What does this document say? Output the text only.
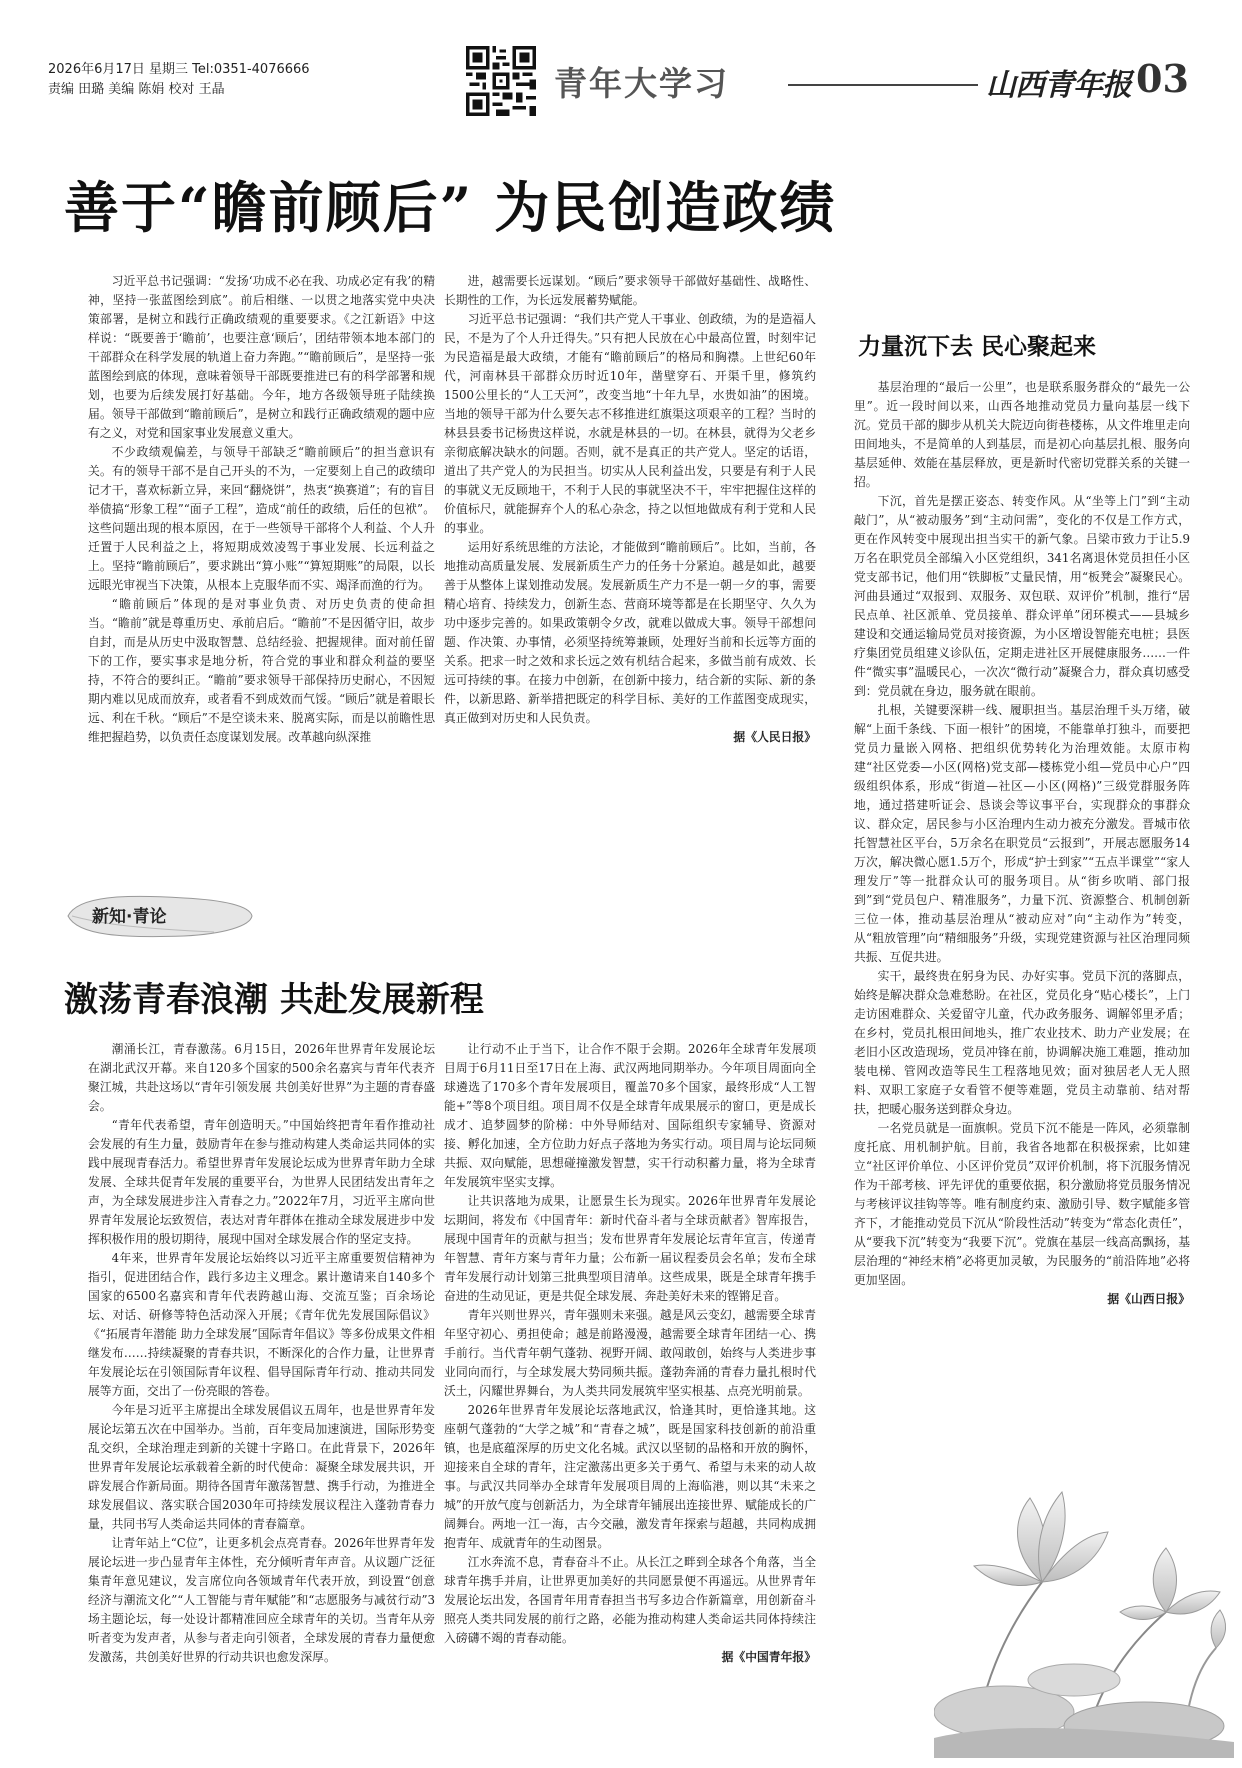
2026年6月17日 星期三 Tel:0351-4076666
责编 田璐 美编 陈娟 校对 王晶	青年大学习	山西青年报 03
善于“瞻前顾后” 为民创造政绩

习近平总书记强调：“发扬‘功成不必在我、功成必定有我’的精神，坚持一张蓝图绘到底”。前后相继、一以贯之地落实党中央决策部署，是树立和践行正确政绩观的重要要求。《之江新语》中这样说：“既要善于‘瞻前’，也要注意‘顾后’，团结带领本地本部门的干部群众在科学发展的轨道上奋力奔跑。”“瞻前顾后”，是坚持一张蓝图绘到底的体现，意味着领导干部既要推进已有的科学部署和规划，也要为后续发展打好基础。今年，地方各级领导班子陆续换届。领导干部做到“瞻前顾后”，是树立和践行正确政绩观的题中应有之义，对党和国家事业发展意义重大。

不少政绩观偏差，与领导干部缺乏“瞻前顾后”的担当意识有关。有的领导干部不是自己开头的不为，一定要刻上自己的政绩印记才干，喜欢标新立异，来回“翻烧饼”，热衷“换赛道”；有的盲目举债搞“形象工程”“面子工程”，造成“前任的政绩，后任的包袱”。这些问题出现的根本原因，在于一些领导干部将个人利益、个人升迁置于人民利益之上，将短期成效凌驾于事业发展、长远利益之上。坚持“瞻前顾后”，要求跳出“算小账”“算短期账”的局限，以长远眼光审视当下决策，从根本上克服华而不实、竭泽而渔的行为。

“瞻前顾后”体现的是对事业负责、对历史负责的使命担当。“瞻前”就是尊重历史、承前启后。“瞻前”不是因循守旧，故步自封，而是从历史中汲取智慧、总结经验、把握规律。面对前任留下的工作，要实事求是地分析，符合党的事业和群众利益的要坚持，不符合的要纠正。“瞻前”要求领导干部保持历史耐心，不因短期内难以见成而放弃，或者看不到成效而气馁。“顾后”就是着眼长远、利在千秋。“顾后”不是空谈未来、脱离实际，而是以前瞻性思维把握趋势，以负责任态度谋划发展。改革越向纵深推

进，越需要长远谋划。“顾后”要求领导干部做好基础性、战略性、长期性的工作，为长远发展蓄势赋能。

习近平总书记强调：“我们共产党人干事业、创政绩，为的是造福人民，不是为了个人升迁得失。”只有把人民放在心中最高位置，时刻牢记为民造福是最大政绩，才能有“瞻前顾后”的格局和胸襟。上世纪60年代，河南林县干部群众历时近10年，凿壁穿石、开渠千里，修筑约1500公里长的“人工天河”，改变当地“十年九旱，水贵如油”的困境。当地的领导干部为什么要矢志不移推进红旗渠这项艰辛的工程？当时的林县县委书记杨贵这样说，水就是林县的一切。在林县，就得为父老乡亲彻底解决缺水的问题。否则，就不是真正的共产党人。坚定的话语，道出了共产党人的为民担当。切实从人民利益出发，只要是有利于人民的事就义无反顾地干，不利于人民的事就坚决不干，牢牢把握住这样的价值标尺，就能摒弃个人的私心杂念，持之以恒地做成有利于党和人民的事业。

运用好系统思维的方法论，才能做到“瞻前顾后”。比如，当前，各地推动高质量发展、发展新质生产力的任务十分紧迫。越是如此，越要善于从整体上谋划推动发展。发展新质生产力不是一朝一夕的事，需要精心培育、持续发力，创新生态、营商环境等都是在长期坚守、久久为功中逐步完善的。如果政策朝令夕改，就难以做成大事。领导干部想问题、作决策、办事情，必须坚持统筹兼顾，处理好当前和长远等方面的关系。把求一时之效和求长远之效有机结合起来，多做当前有成效、长远可持续的事。在接力中创新，在创新中接力，结合新的实际、新的条件，以新思路、新举措把既定的科学目标、美好的工作蓝图变成现实，真正做到对历史和人民负责。

据《人民日报》

力量沉下去 民心聚起来

基层治理的“最后一公里”，也是联系服务群众的“最先一公里”。近一段时间以来，山西各地推动党员力量向基层一线下沉。党员干部的脚步从机关大院迈向街巷楼栋，从文件堆里走向田间地头，不是简单的人到基层，而是初心向基层扎根、服务向基层延伸、效能在基层释放，更是新时代密切党群关系的关键一招。

下沉，首先是摆正姿态、转变作风。从“坐等上门”到“主动敲门”，从“被动服务”到“主动问需”，变化的不仅是工作方式，更在作风转变中展现出担当实干的新气象。吕梁市致力于让5.9万名在职党员全部编入小区党组织，341名离退休党员担任小区党支部书记，他们用“铁脚板”丈量民情，用“板凳会”凝聚民心。河曲县通过“双报到、双服务、双包联、双评价”机制，推行“居民点单、社区派单、党员接单、群众评单”闭环模式——县城乡建设和交通运输局党员对接资源，为小区增设智能充电桩；县医疗集团党员组建义诊队伍，定期走进社区开展健康服务……一件件“微实事”温暖民心，一次次“微行动”凝聚合力，群众真切感受到：党员就在身边，服务就在眼前。

扎根，关键要深耕一线、履职担当。基层治理千头万绪，破解“上面千条线、下面一根针”的困境，不能靠单打独斗，而要把党员力量嵌入网格、把组织优势转化为治理效能。太原市构建“社区党委—小区(网格)党支部—楼栋党小组—党员中心户”四级组织体系，形成“街道—社区—小区(网格)”三级党群服务阵地，通过搭建听证会、恳谈会等议事平台，实现群众的事群众议、群众定，居民参与小区治理内生动力被充分激发。晋城市依托智慧社区平台，5万余名在职党员“云报到”，开展志愿服务14万次，解决微心愿1.5万个，形成“护士到家”“五点半课堂”“家人理发厅”等一批群众认可的服务项目。从“街乡吹哨、部门报到”到“党员包户、精准服务”，力量下沉、资源整合、机制创新三位一体，推动基层治理从“被动应对”向“主动作为”转变，从“粗放管理”向“精细服务”升级，实现党建资源与社区治理同频共振、互促共进。

实干，最终贵在躬身为民、办好实事。党员下沉的落脚点，始终是解决群众急难愁盼。在社区，党员化身“贴心楼长”，上门走访困难群众、关爱留守儿童，代办政务服务、调解邻里矛盾；在乡村，党员扎根田间地头，推广农业技术、助力产业发展；在老旧小区改造现场，党员冲锋在前，协调解决施工难题，推动加装电梯、管网改造等民生工程落地见效；面对独居老人无人照料、双职工家庭子女看管不便等难题，党员主动靠前、结对帮扶，把暖心服务送到群众身边。

一名党员就是一面旗帜。党员下沉不能是一阵风，必须靠制度托底、用机制护航。目前，我省各地都在积极探索，比如建立“社区评价单位、小区评价党员”双评价机制，将下沉服务情况作为干部考核、评先评优的重要依据，积分激励将党员服务情况与考核评议挂钩等等。唯有制度约束、激励引导、数字赋能多管齐下，才能推动党员下沉从“阶段性活动”转变为“常态化责任”，从“要我下沉”转变为“我要下沉”。党旗在基层一线高高飘扬，基层治理的“神经末梢”必将更加灵敏，为民服务的“前沿阵地”必将更加坚固。

据《山西日报》

新知·青论
激荡青春浪潮 共赴发展新程

潮涌长江，青春激荡。6月15日，2026年世界青年发展论坛在湖北武汉开幕。来自120多个国家的500余名嘉宾与青年代表齐聚江城，共赴这场以“青年引领发展 共创美好世界”为主题的青春盛会。

“青年代表希望，青年创造明天。”中国始终把青年看作推动社会发展的有生力量，鼓励青年在参与推动构建人类命运共同体的实践中展现青春活力。希望世界青年发展论坛成为世界青年助力全球发展、全球共促青年发展的重要平台，为世界人民团结发出青年之声，为全球发展进步注入青春之力。”2022年7月，习近平主席向世界青年发展论坛致贺信，表达对青年群体在推动全球发展进步中发挥积极作用的殷切期待，展现中国对全球发展合作的坚定支持。

4年来，世界青年发展论坛始终以习近平主席重要贺信精神为指引，促进团结合作，践行多边主义理念。累计邀请来自140多个国家的6500名嘉宾和青年代表跨越山海、交流互鉴；百余场论坛、对话、研修等特色活动深入开展；《青年优先发展国际倡议》《“拓展青年潜能 助力全球发展”国际青年倡议》等多份成果文件相继发布……持续凝聚的青春共识，不断深化的合作力量，让世界青年发展论坛在引领国际青年议程、倡导国际青年行动、推动共同发展等方面，交出了一份亮眼的答卷。

今年是习近平主席提出全球发展倡议五周年，也是世界青年发展论坛第五次在中国举办。当前，百年变局加速演进，国际形势变乱交织，全球治理走到新的关键十字路口。在此背景下，2026年世界青年发展论坛承载着全新的时代使命：凝聚全球发展共识，开辟发展合作新局面。期待各国青年激荡智慧、携手行动，为推进全球发展倡议、落实联合国2030年可持续发展议程注入蓬勃青春力量，共同书写人类命运共同体的青春篇章。

让青年站上“C位”，让更多机会点亮青春。2026年世界青年发展论坛进一步凸显青年主体性，充分倾听青年声音。从议题广泛征集青年意见建议，发言席位向各领域青年代表开放，到设置“创意经济与潮流文化”“人工智能与青年赋能”和“志愿服务与减贫行动”3场主题论坛，每一处设计都精准回应全球青年的关切。当青年从旁听者变为发声者，从参与者走向引领者，全球发展的青春力量便愈发激荡，共创美好世界的行动共识也愈发深厚。

让行动不止于当下，让合作不限于会期。2026年全球青年发展项目周于6月11日至17日在上海、武汉两地同期举办。今年项目周面向全球遴选了170多个青年发展项目，覆盖70多个国家，最终形成“人工智能+”等8个项目组。项目周不仅是全球青年成果展示的窗口，更是成长成才、追梦圆梦的阶梯：中外导师结对、国际组织专家辅导、资源对接、孵化加速，全方位助力好点子落地为务实行动。项目周与论坛同频共振、双向赋能，思想碰撞激发智慧，实干行动积蓄力量，将为全球青年发展筑牢坚实支撑。

让共识落地为成果，让愿景生长为现实。2026年世界青年发展论坛期间，将发布《中国青年：新时代奋斗者与全球贡献者》智库报告，展现中国青年的贡献与担当；发布世界青年发展论坛青年宣言，传递青年智慧、青年方案与青年力量；公布新一届议程委员会名单；发布全球青年发展行动计划第三批典型项目清单。这些成果，既是全球青年携手奋进的生动见证，更是共促全球发展、奔赴美好未来的铿锵足音。

青年兴则世界兴，青年强则未来强。越是风云变幻，越需要全球青年坚守初心、勇担使命；越是前路漫漫，越需要全球青年团结一心、携手前行。当代青年朝气蓬勃、视野开阔、敢闯敢创，始终与人类进步事业同向而行，与全球发展大势同频共振。蓬勃奔涌的青春力量扎根时代沃土，闪耀世界舞台，为人类共同发展筑牢坚实根基、点亮光明前景。

2026年世界青年发展论坛落地武汉，恰逢其时，更恰逢其地。这座朝气蓬勃的“大学之城”和“青春之城”，既是国家科技创新的前沿重镇，也是底蕴深厚的历史文化名城。武汉以坚韧的品格和开放的胸怀，迎接来自全球的青年，注定激荡出更多关于勇气、希望与未来的动人故事。与武汉共同举办全球青年发展项目周的上海临港，则以其“未来之城”的开放气度与创新活力，为全球青年铺展出连接世界、赋能成长的广阔舞台。两地一江一海，古今交融，激发青年探索与超越，共同构成拥抱青年、成就青年的生动图景。

江水奔流不息，青春奋斗不止。从长江之畔到全球各个角落，当全球青年携手并肩，让世界更加美好的共同愿景便不再遥远。从世界青年发展论坛出发，各国青年用青春担当书写多边合作新篇章，用创新奋斗照亮人类共同发展的前行之路，必能为推动构建人类命运共同体持续注入磅礴不竭的青春动能。

据《中国青年报》
